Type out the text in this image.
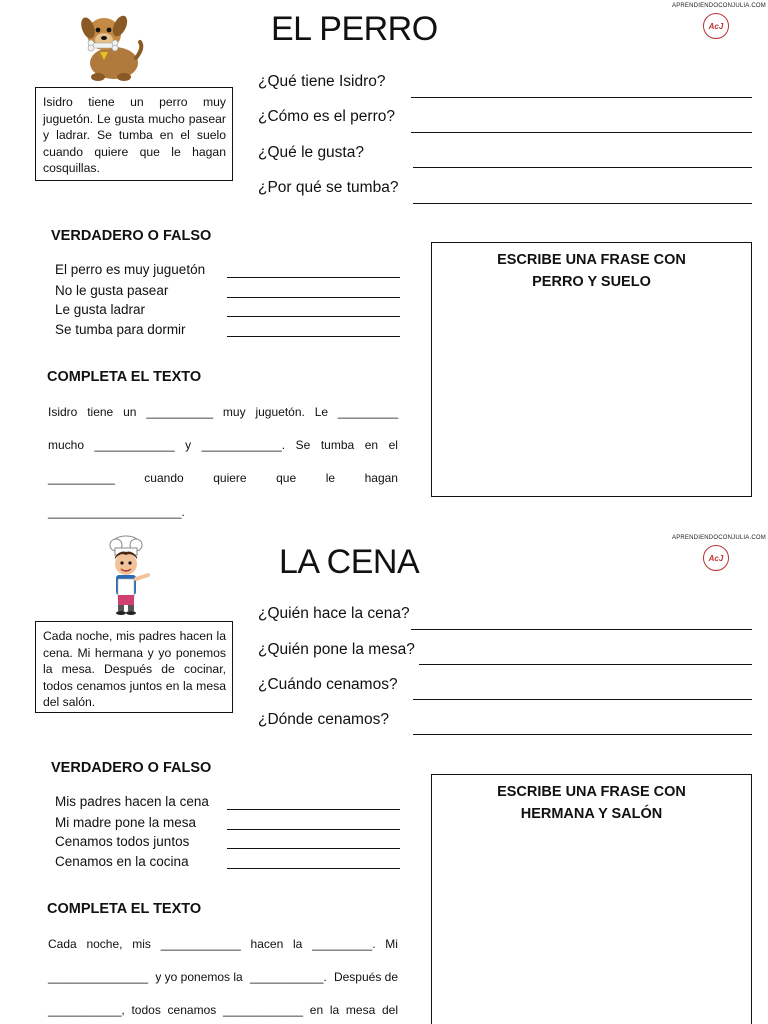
APRENDIENDOCONJULIA.COM
AcJ
EL PERRO
Isidro tiene un perro muy juguetón. Le gusta mucho pasear y ladrar. Se tumba en el suelo cuando quiere que le hagan cosquillas.
¿Qué tiene Isidro?
¿Cómo es el perro?
¿Qué le gusta?
¿Por qué se tumba?
VERDADERO O FALSO
El perro es muy juguetón
No le gusta pasear
Le gusta ladrar
Se tumba para dormir
COMPLETA EL TEXTO
Isidro tiene un __________ muy juguetón. Le _________
mucho ____________ y ____________. Se tumba en el
__________ cuando quiere que le hagan
____________________.
ESCRIBE UNA FRASE CON
PERRO Y SUELO
APRENDIENDOCONJULIA.COM
AcJ
LA CENA
Cada noche, mis padres hacen la cena. Mi hermana y yo ponemos la mesa. Después de cocinar, todos cenamos juntos en la mesa del salón.
¿Quién hace la cena?
¿Quién pone la mesa?
¿Cuándo cenamos?
¿Dónde cenamos?
VERDADERO O FALSO
Mis padres hacen la cena
Mi madre pone la mesa
Cenamos todos juntos
Cenamos en la cocina
COMPLETA EL TEXTO
Cada noche, mis ____________ hacen la _________. Mi
_______________ y yo ponemos la ___________. Después de
___________, todos cenamos ____________ en la mesa del
ESCRIBE UNA FRASE CON
HERMANA Y SALÓN
